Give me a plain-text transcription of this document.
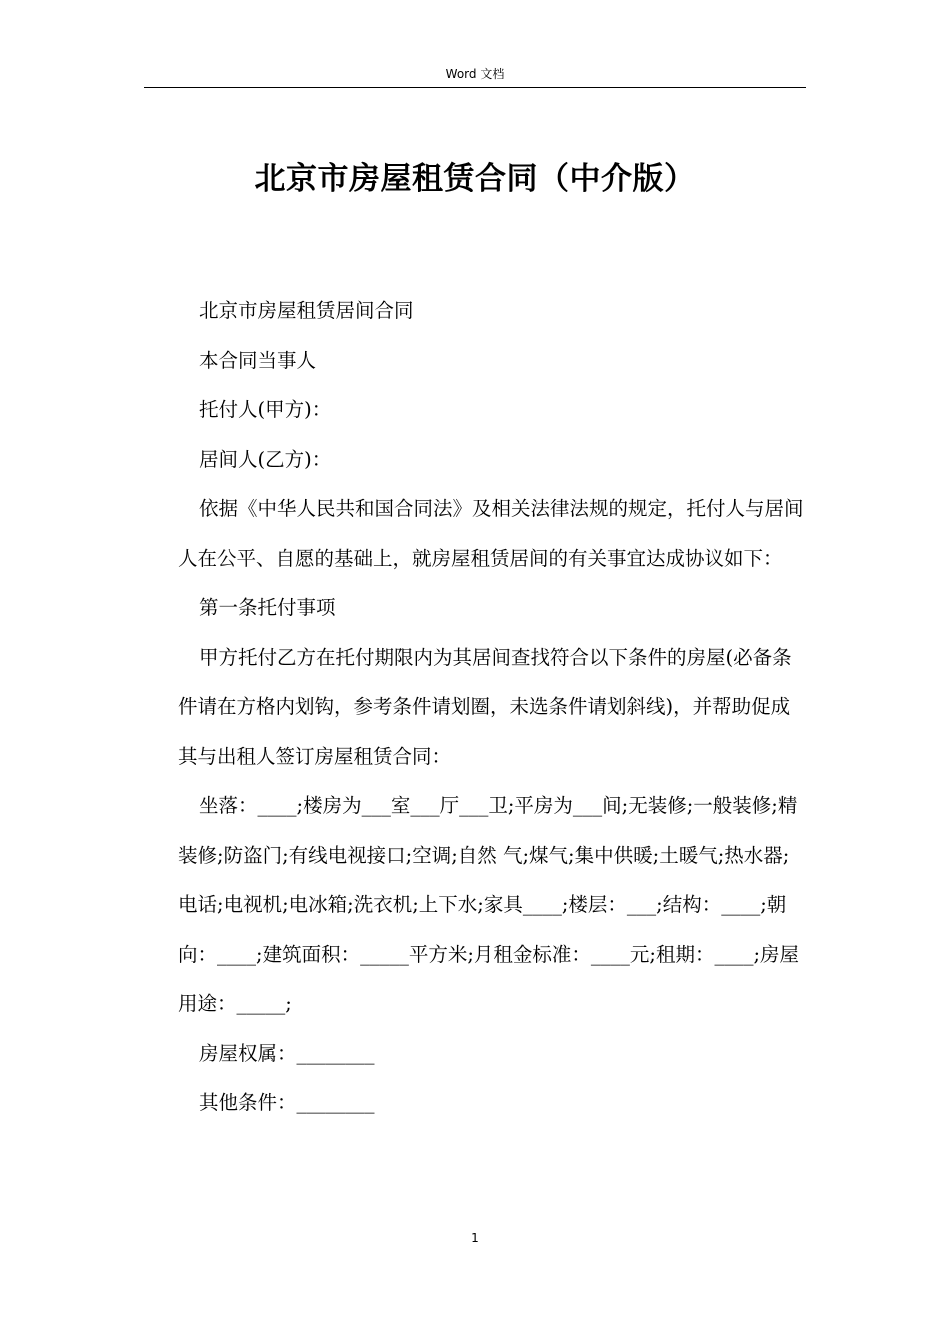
Word 文档
北京市房屋租赁合同（中介版）

北京市房屋租赁居间合同

本合同当事人

托付人(甲方)：

居间人(乙方)：

依据《中华人民共和国合同法》及相关法律法规的规定，托付人与居间人在公平、自愿的基础上，就房屋租赁居间的有关事宜达成协议如下：

第一条托付事项

甲方托付乙方在托付期限内为其居间查找符合以下条件的房屋(必备条件请在方格内划钩，参考条件请划圈，未选条件请划斜线)，并帮助促成其与出租人签订房屋租赁合同：

坐落：____;楼房为___室___厅___卫;平房为___间;无装修;一般装修;精装修;防盗门;有线电视接口;空调;自然 气;煤气;集中供暖;土暖气;热水器;电话;电视机;电冰箱;洗衣机;上下水;家具____;楼层：___;结构：____;朝向：____;建筑面积：_____平方米;月租金标准：____元;租期：____;房屋用途：_____;

房屋权属：________

其他条件：________

1
